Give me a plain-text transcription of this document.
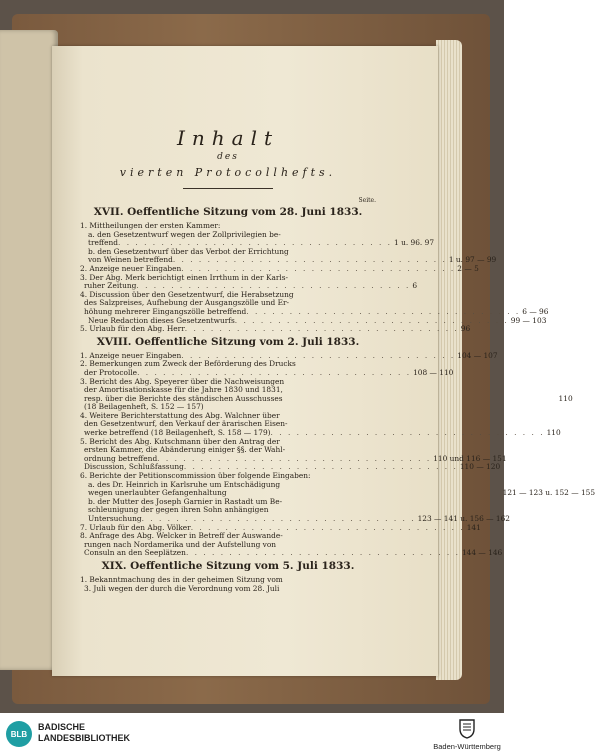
Inhalt
des
vierten Protocollhefts.
Seite.
XVII. Oeffentliche Sitzung vom 28. Juni 1833.
1. Mittheilungen der ersten Kammer:
a. den Gesetzentwurf wegen der Zollprivilegien be-
treffend . . .	1 u. 96. 97
b. den Gesetzentwurf über das Verbot der Errichtung
von Weinen betreffend . . .	1 u. 97 — 99
2. Anzeige neuer Eingaben . . .	2 — 5
3. Der Abg. Merk berichtigt einen Irrthum in der Karls-
ruher Zeitung . . .	6
4. Discussion über den Gesetzentwurf, die Herabsetzung
des Salzpreises, Aufhebung der Ausgangszölle und Er-
höhung mehrerer Eingangszölle betreffend . . .	6 — 96
Neue Redaction dieses Gesetzentwurfs . . .	99 — 103
5. Urlaub für den Abg. Herr . . .	96
XVIII. Oeffentliche Sitzung vom 2. Juli 1833.
1. Anzeige neuer Eingaben . . .	104 — 107
2. Bemerkungen zum Zweck der Beförderung des Drucks
der Protocolle . . .	108 — 110
3. Bericht des Abg. Speyerer über die Nachweisungen
der Amortisationskasse für die Jahre 1830 und 1831,
resp. über die Berichte des ständischen Ausschusses	110
(18 Beilagenheft, S. 152 — 157)
4. Weitere Berichterstattung des Abg. Walchner über
den Gesetzentwurf, den Verkauf der ärarischen Eisen-
werke betreffend (18 Beilagenheft, S. 158 — 179) . . .	110
5. Bericht des Abg. Kutschmann über den Antrag der
ersten Kammer, die Abänderung einiger §§. der Wahl-
ordnung betreffend . . .	110 und 116 — 151
Discussion, Schlußfassung . . .	110 — 120
6. Berichte der Petitionscommission über folgende Eingaben:
a. des Dr. Heinrich in Karlsruhe um Entschädigung
wegen unerlaubter Gefangenhaltung	121 — 123 u. 152 — 155
b. der Mutter des Joseph Garnier in Rastadt um Be-
schleunigung der gegen ihren Sohn anhängigen
Untersuchung . . .	123 — 141 u. 156 — 162
7. Urlaub für den Abg. Völker . . .	141
8. Anfrage des Abg. Welcker in Betreff der Auswande-
rungen nach Nordamerika und der Aufstellung von
Consuln an den Seeplätzen . . .	144 — 146
XIX. Oeffentliche Sitzung vom 5. Juli 1833.
1. Bekanntmachung des in der geheimen Sitzung vom
3. Juli wegen der durch die Verordnung vom 28. Juli
BLB
BADISCHE
LANDESBIBLIOTHEK
Baden-Württemberg
